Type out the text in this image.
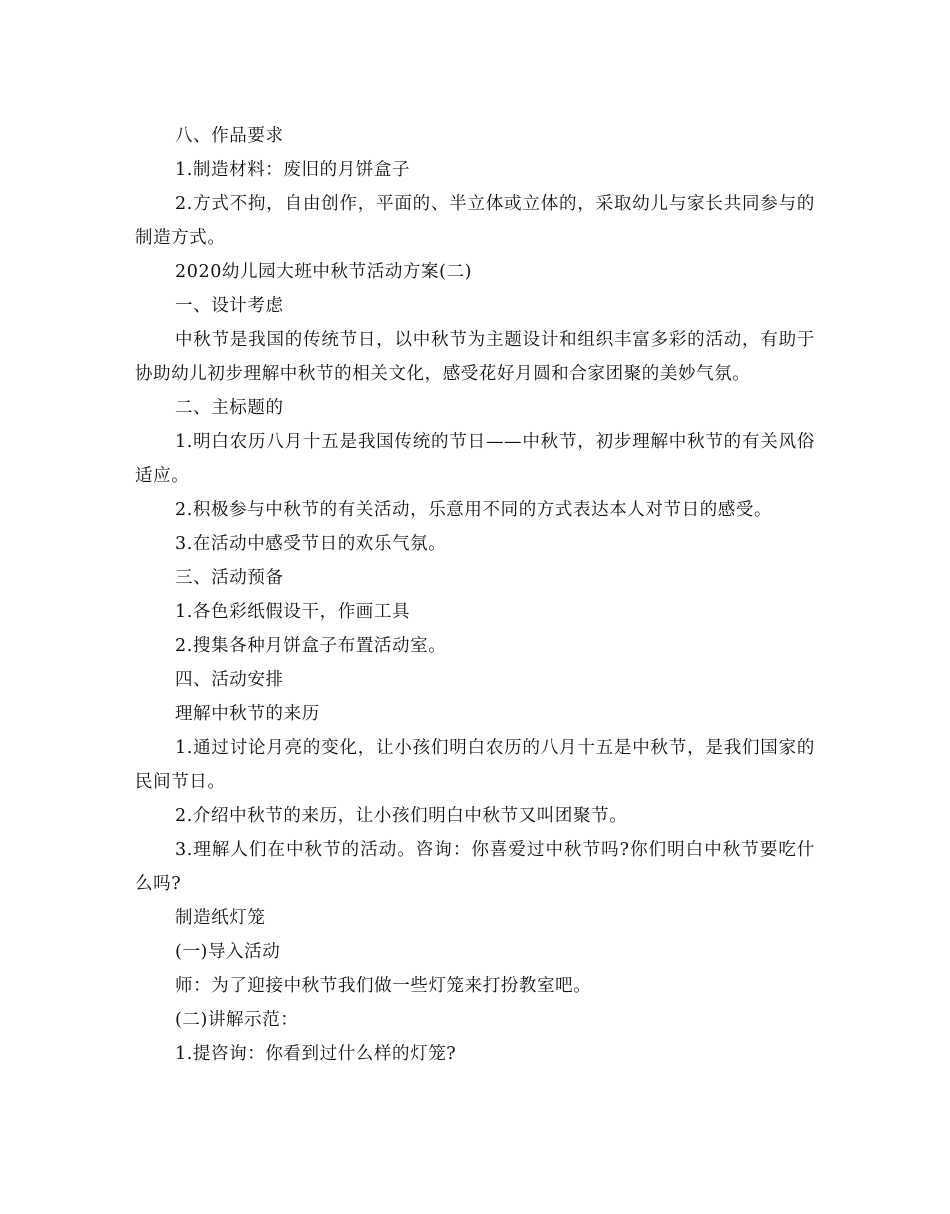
八、作品要求

1.制造材料：废旧的月饼盒子

2.方式不拘，自由创作，平面的、半立体或立体的，采取幼儿与家长共同参与的制造方式。

2020幼儿园大班中秋节活动方案(二)

一、设计考虑

中秋节是我国的传统节日，以中秋节为主题设计和组织丰富多彩的活动，有助于协助幼儿初步理解中秋节的相关文化，感受花好月圆和合家团聚的美妙气氛。

二、主标题的

1.明白农历八月十五是我国传统的节日——中秋节，初步理解中秋节的有关风俗适应。

2.积极参与中秋节的有关活动，乐意用不同的方式表达本人对节日的感受。

3.在活动中感受节日的欢乐气氛。

三、活动预备

1.各色彩纸假设干，作画工具

2.搜集各种月饼盒子布置活动室。

四、活动安排

理解中秋节的来历

1.通过讨论月亮的变化，让小孩们明白农历的八月十五是中秋节，是我们国家的民间节日。

2.介绍中秋节的来历，让小孩们明白中秋节又叫团聚节。

3.理解人们在中秋节的活动。咨询：你喜爱过中秋节吗?你们明白中秋节要吃什么吗?

制造纸灯笼

(一)导入活动

师：为了迎接中秋节我们做一些灯笼来打扮教室吧。

(二)讲解示范：

1.提咨询：你看到过什么样的灯笼?
